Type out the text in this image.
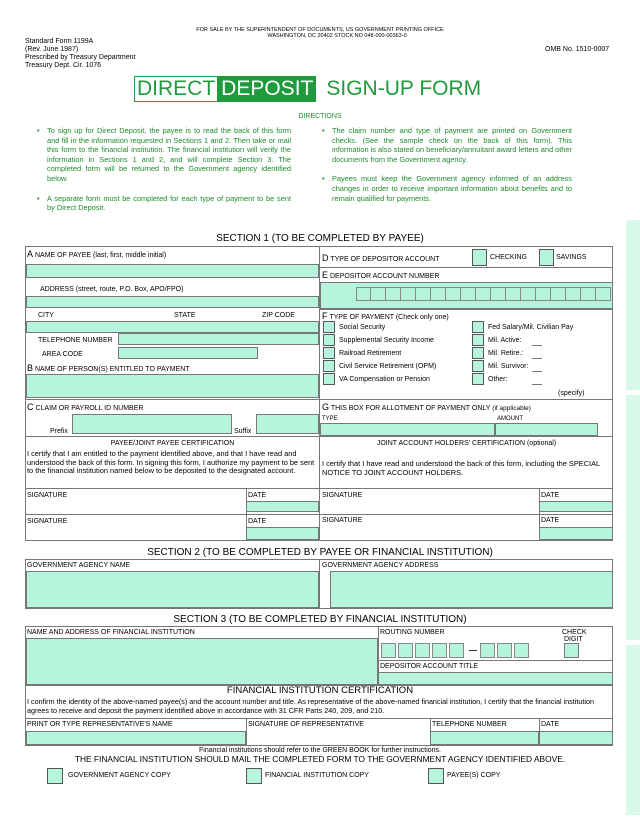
FOR SALE BY THE SUPERINTENDENT OF DOCUMENTS, US GOVERNMENT PRINTING OFFICE
WASHINGTON, DC 20402 STOCK NO 048-000-00363-0
Standard Form 1199A
(Rev. June 1987)
Prescribed by Treasury Department
Treasury Dept. Cir. 1076
OMB No. 1510-0007
DIRECT DEPOSIT SIGN-UP FORM
DIRECTIONS
• To sign up for Direct Deposit, the payee is to read the back of this form and fill in the information requested in Sections 1 and 2. Then take or mail this form to the financial institution. The financial institution will verify the information in Sections 1 and 2, and will complete Section 3. The completed form will be returned to the Government agency identified below.
• A separate form must be completed for each type of payment to be sent by Direct Deposit.
• The claim number and type of payment are printed on Government checks. (See the sample check on the back of this form). This information is also stated on beneficiary/annuitant award letters and other documents from the Government agency.
• Payees must keep the Government agency informed of an address changes in order to receive important information about benefits and to remain qualified for payments.
SECTION 1 (TO BE COMPLETED BY PAYEE)
A NAME OF PAYEE (last, first, middle initial)
ADDRESS (street, route, P.O. Box, APO/FPO)
CITY	STATE	ZIP CODE
TELEPHONE NUMBER
AREA CODE
B NAME OF PERSON(S) ENTITLED TO PAYMENT
C CLAIM OR PAYROLL ID NUMBER
Prefix	Suffix
D TYPE OF DEPOSITOR ACCOUNT	CHECKING	SAVINGS
E DEPOSITOR ACCOUNT NUMBER
F TYPE OF PAYMENT (Check only one)
Social Security
Supplemental Security Income
Railroad Retirement
Civil Service Retirement (OPM)
VA Compensation or Pension
Fed Salary/Mil. Civilian Pay
Mil. Active:
Mil. Retire.:
Mil. Survivor:
Other:
(specify)
G THIS BOX FOR ALLOTMENT OF PAYMENT ONLY (if applicable)
TYPE	AMOUNT
PAYEE/JOINT PAYEE CERTIFICATION
I certify that I am entitled to the payment identified above, and that I have read and understood the back of this form. In signing this form, I authorize my payment to be sent to the financial institution named below to be deposited to the designated account.
JOINT ACCOUNT HOLDERS' CERTIFICATION (optional)
I certify that I have read and understood the back of this form, including the SPECIAL NOTICE TO JOINT ACCOUNT HOLDERS.
SIGNATURE	DATE	SIGNATURE	DATE
SIGNATURE	DATE	SIGNATURE	DATE
SECTION 2 (TO BE COMPLETED BY PAYEE OR FINANCIAL INSTITUTION)
GOVERNMENT AGENCY NAME	GOVERNMENT AGENCY ADDRESS
SECTION 3 (TO BE COMPLETED BY FINANCIAL INSTITUTION)
NAME AND ADDRESS OF FINANCIAL INSTITUTION	ROUTING NUMBER	CHECK
DIGIT
DEPOSITOR ACCOUNT TITLE
FINANCIAL INSTITUTION CERTIFICATION
I confirm the identity of the above-named payee(s) and the account number and title. As representative of the above-named financial institution, I certify that the financial institution agrees to receive and deposit the payment identified above in accordance with 31 CFR Parts 240, 209, and 210.
PRINT OR TYPE REPRESENTATIVE'S NAME	SIGNATURE OF REPRESENTATIVE	TELEPHONE NUMBER	DATE
Financial institutions should refer to the GREEN BOOK for further instructions.
THE FINANCIAL INSTITUTION SHOULD MAIL THE COMPLETED FORM TO THE GOVERNMENT AGENCY IDENTIFIED ABOVE.
GOVERNMENT AGENCY COPY	FINANCIAL INSTITUTION COPY	PAYEE(S) COPY
